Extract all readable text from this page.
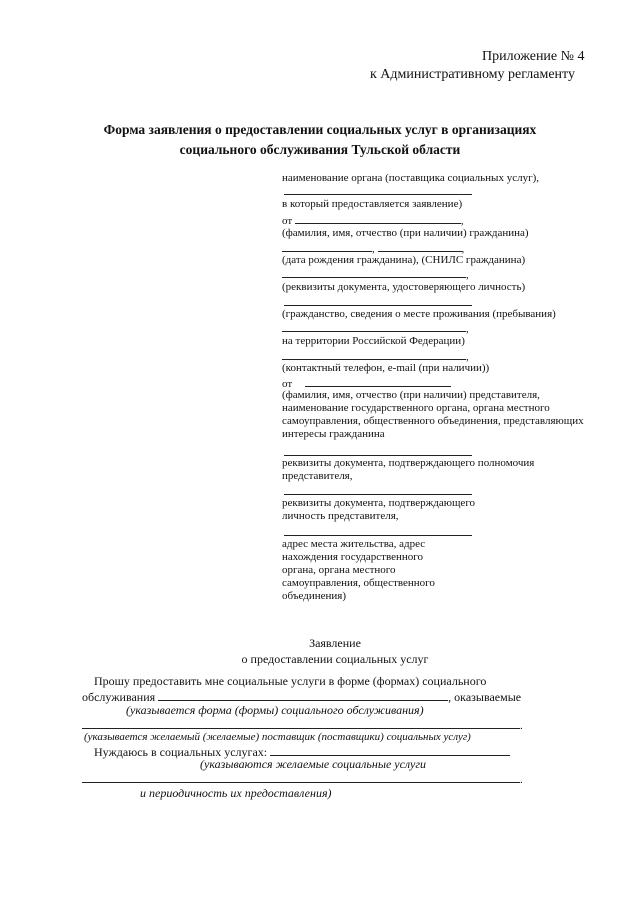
Приложение № 4
к Административному регламенту
Форма заявления о предоставлении социальных услуг в организациях
социального обслуживания Тульской области
наименование органа (поставщика социальных услуг),
в который предоставляется заявление)
от	,
(фамилия, имя, отчество (при наличии) гражданина)
,	,
(дата рождения гражданина), (СНИЛС гражданина)
,
(реквизиты документа, удостоверяющего личность)
(гражданство, сведения о месте проживания (пребывания)
,
на территории Российской Федерации)
,
(контактный телефон, e-mail (при наличии))
от
(фамилия, имя, отчество (при наличии) представителя,
наименование государственного органа, органа местного
самоуправления, общественного объединения, представляющих
интересы гражданина
реквизиты документа, подтверждающего полномочия
представителя,
реквизиты документа, подтверждающего
личность представителя,
адрес места жительства, адрес
нахождения государственного
органа, органа местного
самоуправления, общественного
объединения)
Заявление
о предоставлении социальных услуг
Прошу предоставить мне социальные услуги в форме (формах) социального
обслуживания	, оказываемые
(указывается форма (формы) социального обслуживания)
.
(указывается желаемый (желаемые) поставщик (поставщики) социальных услуг)
Нуждаюсь в социальных услугах:
(указываются желаемые социальные услуги
.
и периодичность их предоставления)
